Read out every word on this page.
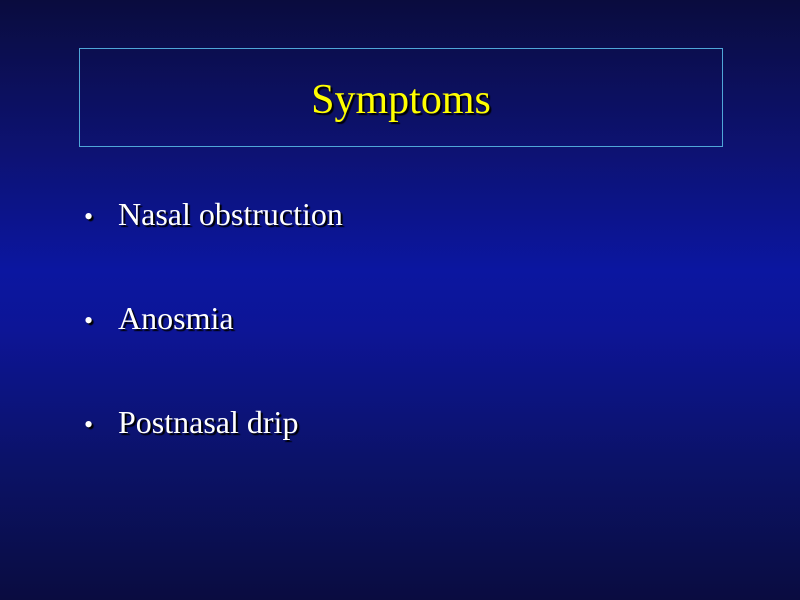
Symptoms
• Nasal obstruction
• Anosmia
• Postnasal drip
